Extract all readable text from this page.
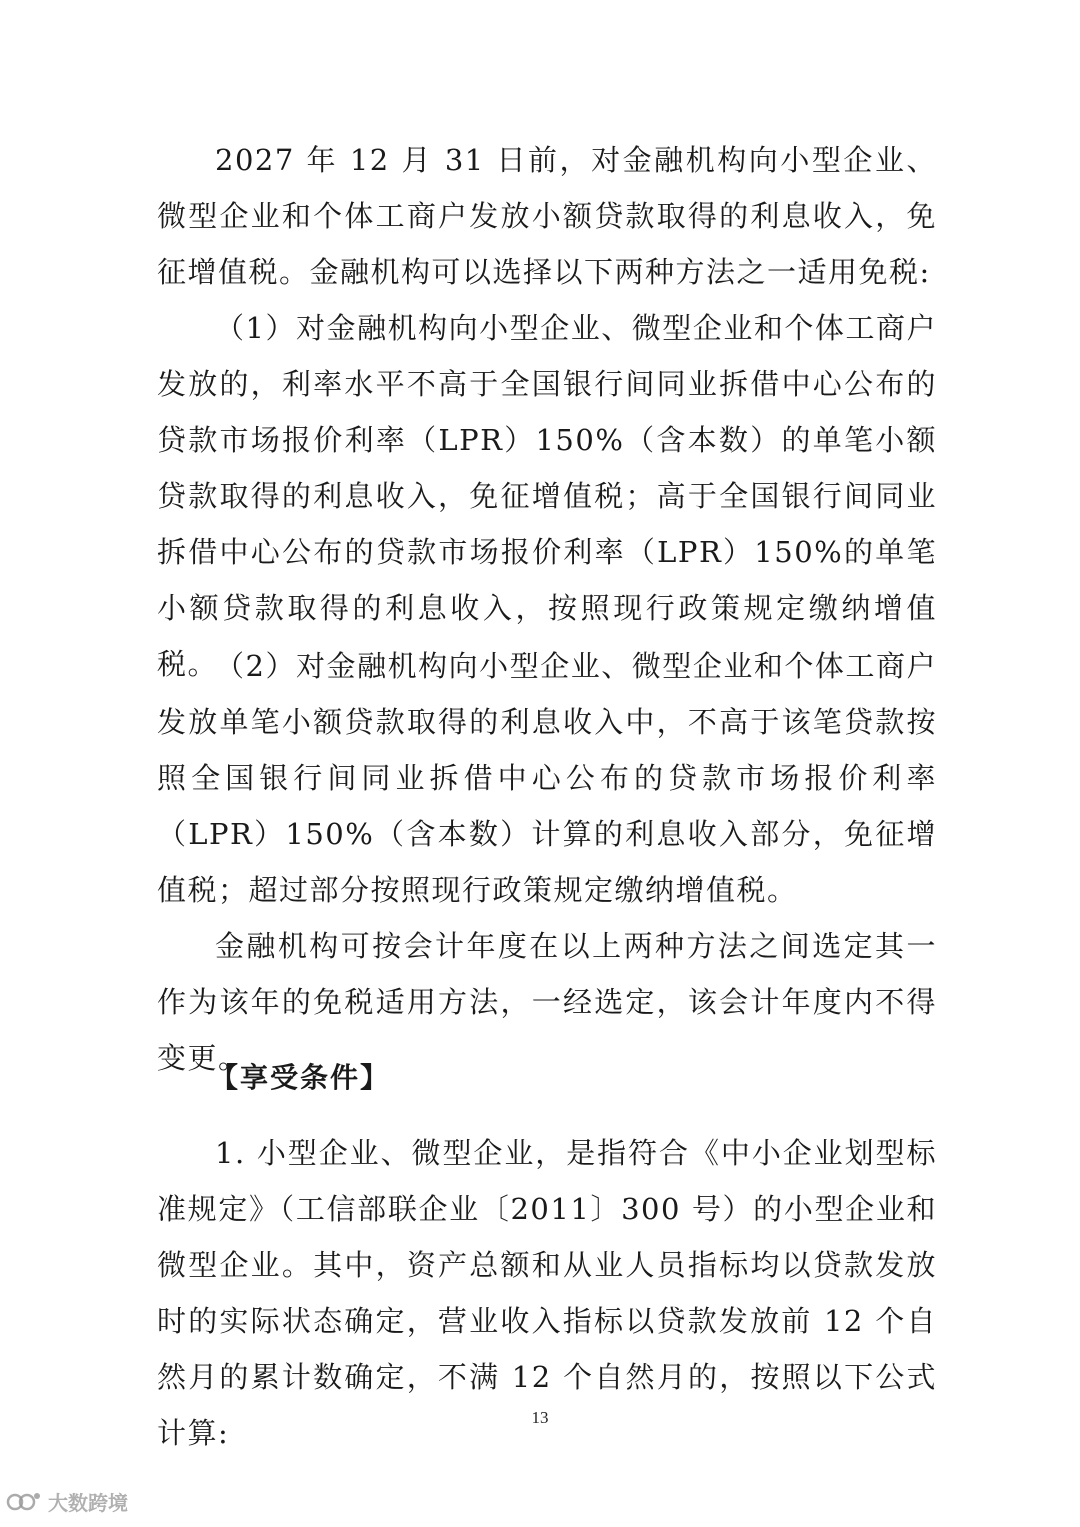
2027 年 12 月 31 日前，对金融机构向小型企业、微型企业和个体工商户发放小额贷款取得的利息收入，免征增值税。金融机构可以选择以下两种方法之一适用免税:

（1）对金融机构向小型企业、微型企业和个体工商户发放的，利率水平不高于全国银行间同业拆借中心公布的贷款市场报价利率（LPR）150%（含本数）的单笔小额贷款取得的利息收入，免征增值税；高于全国银行间同业拆借中心公布的贷款市场报价利率（LPR）150%的单笔小额贷款取得的利息收入，按照现行政策规定缴纳增值税。

（2）对金融机构向小型企业、微型企业和个体工商户发放单笔小额贷款取得的利息收入中，不高于该笔贷款按照全国银行间同业拆借中心公布的贷款市场报价利率（LPR）150%（含本数）计算的利息收入部分，免征增值税；超过部分按照现行政策规定缴纳增值税。

金融机构可按会计年度在以上两种方法之间选定其一作为该年的免税适用方法，一经选定，该会计年度内不得变更。

【享受条件】

1. 小型企业、微型企业，是指符合《中小企业划型标准规定》（工信部联企业〔2011〕300 号）的小型企业和微型企业。其中，资产总额和从业人员指标均以贷款发放时的实际状态确定，营业收入指标以贷款发放前 12 个自然月的累计数确定，不满 12 个自然月的，按照以下公式计算:	13
大数跨境
